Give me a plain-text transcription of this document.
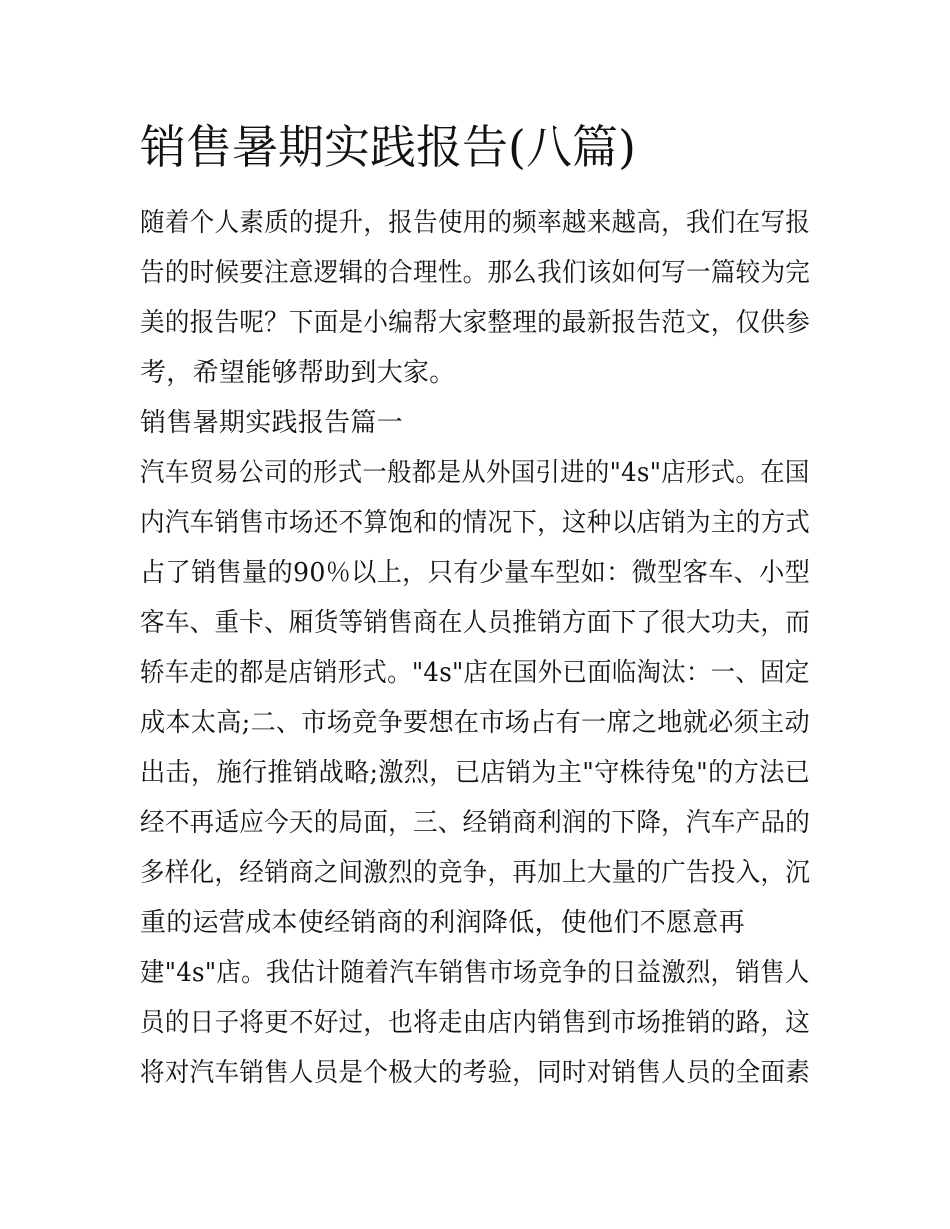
销售暑期实践报告(八篇)
随着个人素质的提升，报告使用的频率越来越高，我们在写报
告的时候要注意逻辑的合理性。那么我们该如何写一篇较为完
美的报告呢？下面是小编帮大家整理的最新报告范文，仅供参
考，希望能够帮助到大家。
销售暑期实践报告篇一
汽车贸易公司的形式一般都是从外国引进的"4s"店形式。在国
内汽车销售市场还不算饱和的情况下，这种以店销为主的方式
占了销售量的90％以上，只有少量车型如：微型客车、小型
客车、重卡、厢货等销售商在人员推销方面下了很大功夫，而
轿车走的都是店销形式。"4s"店在国外已面临淘汰：一、固定
成本太高;二、市场竞争要想在市场占有一席之地就必须主动
出击，施行推销战略;激烈，已店销为主"守株待兔"的方法已
经不再适应今天的局面，三、经销商利润的下降，汽车产品的
多样化，经销商之间激烈的竞争，再加上大量的广告投入，沉
重的运营成本使经销商的利润降低，使他们不愿意再
建"4s"店。我估计随着汽车销售市场竞争的日益激烈，销售人
员的日子将更不好过，也将走由店内销售到市场推销的路，这
将对汽车销售人员是个极大的考验，同时对销售人员的全面素
